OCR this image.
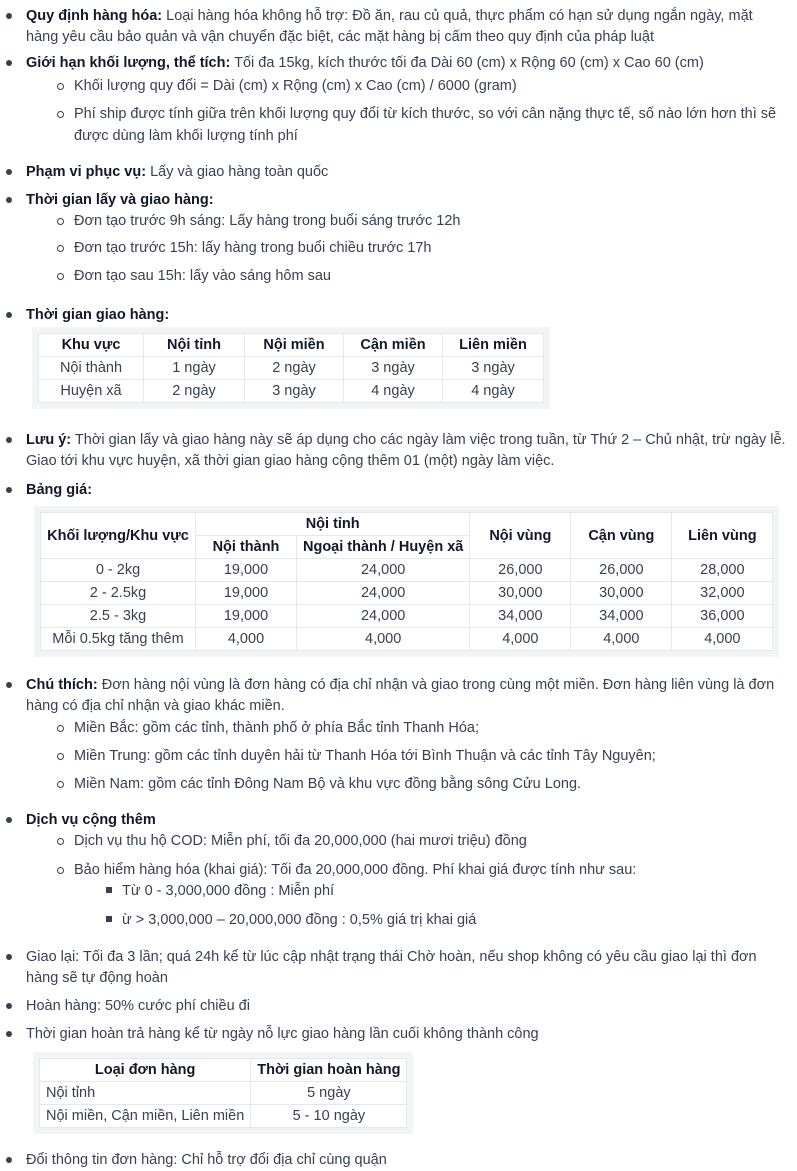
Quy định hàng hóa: Loại hàng hóa không hỗ trợ: Đồ ăn, rau củ quả, thực phẩm có hạn sử dụng ngắn ngày, mặt
hàng yêu cầu bảo quản và vận chuyển đặc biệt, các mặt hàng bị cấm theo quy định của pháp luật
Giới hạn khối lượng, thể tích: Tối đa 15kg, kích thước tối đa Dài 60 (cm) x Rộng 60 (cm) x Cao 60 (cm)
Khối lượng quy đổi = Dài (cm) x Rộng (cm) x Cao (cm) / 6000 (gram)
Phí ship được tính giữa trên khối lượng quy đổi từ kích thước, so với cân nặng thực tế, số nào lớn hơn thì sẽ
được dùng làm khối lượng tính phí
Phạm vi phục vụ: Lấy và giao hàng toàn quốc
Thời gian lấy và giao hàng:
Đơn tạo trước 9h sáng: Lấy hàng trong buổi sáng trước 12h
Đơn tạo trước 15h: lấy hàng trong buổi chiều trước 17h
Đơn tạo sau 15h: lấy vào sáng hôm sau
Thời gian giao hàng:
Khu vực	Nội tỉnh	Nội miền	Cận miền	Liên miền
Nội thành	1 ngày	2 ngày	3 ngày	3 ngày
Huyện xã	2 ngày	3 ngày	4 ngày	4 ngày
Lưu ý: Thời gian lấy và giao hàng này sẽ áp dụng cho các ngày làm việc trong tuần, từ Thứ 2 – Chủ nhật, trừ ngày lễ.
Giao tới khu vực huyện, xã thời gian giao hàng cộng thêm 01 (một) ngày làm việc.
Bảng giá:
Khối lượng/Khu vực	Nội tỉnh		Nội vùng	Cận vùng	Liên vùng
	Nội thành	Ngoại thành / Huyện xã			
0 - 2kg	19,000	24,000	26,000	26,000	28,000
2 - 2.5kg	19,000	24,000	30,000	30,000	32,000
2.5 - 3kg	19,000	24,000	34,000	34,000	36,000
Mỗi 0.5kg tăng thêm	4,000	4,000	4,000	4,000	4,000
Chú thích: Đơn hàng nội vùng là đơn hàng có địa chỉ nhận và giao trong cùng một miền. Đơn hàng liên vùng là đơn
hàng có địa chỉ nhận và giao khác miền.
Miền Bắc: gồm các tỉnh, thành phố ở phía Bắc tỉnh Thanh Hóa;
Miền Trung: gồm các tỉnh duyên hải từ Thanh Hóa tới Bình Thuận và các tỉnh Tây Nguyên;
Miền Nam: gồm các tỉnh Đông Nam Bộ và khu vực đồng bằng sông Cửu Long.
Dịch vụ cộng thêm
Dịch vụ thu hộ COD: Miễn phí, tối đa 20,000,000 (hai mươi triệu) đồng
Bảo hiểm hàng hóa (khai giá): Tối đa 20,000,000 đồng. Phí khai giá được tính như sau:
Từ 0 - 3,000,000 đồng : Miễn phí
ừ > 3,000,000 – 20,000,000 đồng : 0,5% giá trị khai giá
Giao lại: Tối đa 3 lần; quá 24h kể từ lúc cập nhật trạng thái Chờ hoàn, nếu shop không có yêu cầu giao lại thì đơn
hàng sẽ tự động hoàn
Hoàn hàng: 50% cước phí chiều đi
Thời gian hoàn trả hàng kể từ ngày nỗ lực giao hàng lần cuối không thành công
Loại đơn hàng	Thời gian hoàn hàng
Nội tỉnh	5 ngày
Nội miền, Cận miền, Liên miền	5 - 10 ngày
Đổi thông tin đơn hàng: Chỉ hỗ trợ đổi địa chỉ cùng quận
